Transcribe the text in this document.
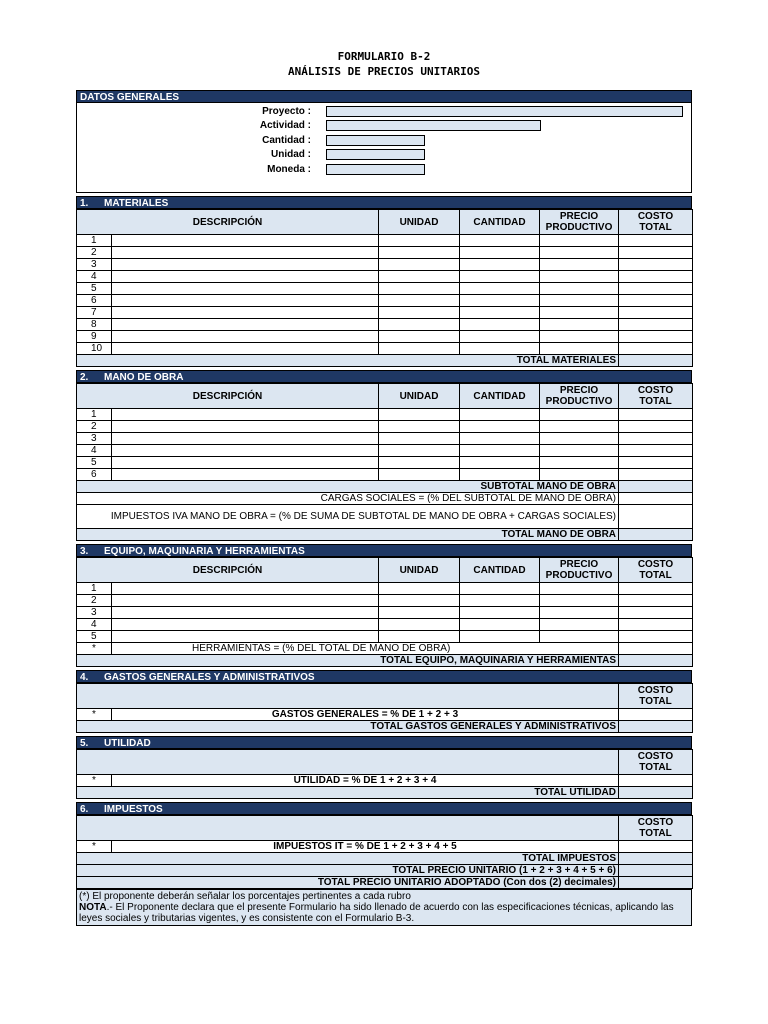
FORMULARIO B-2
ANÁLISIS DE PRECIOS UNITARIOS
DATOS GENERALES
Proyecto :
Actividad :
Cantidad :
Unidad :
Moneda :
1. MATERIALES
DESCRIPCIÓN		UNIDAD	CANTIDAD	PRECIO PRODUCTIVO	COSTO TOTAL
1					
2					
3					
4					
5					
6					
7					
8					
9					
10					
TOTAL MATERIALES					
2. MANO DE OBRA
DESCRIPCIÓN		UNIDAD	CANTIDAD	PRECIO PRODUCTIVO	COSTO TOTAL
1					
2					
3					
4					
5					
6					
SUBTOTAL MANO DE OBRA					
CARGAS SOCIALES = (% DEL SUBTOTAL DE MANO DE OBRA)					
IMPUESTOS IVA MANO DE OBRA = (% DE SUMA DE SUBTOTAL DE MANO DE OBRA + CARGAS SOCIALES)					
TOTAL MANO DE OBRA					
3. EQUIPO, MAQUINARIA Y HERRAMIENTAS
DESCRIPCIÓN		UNIDAD	CANTIDAD	PRECIO PRODUCTIVO	COSTO TOTAL
1					
2					
3					
4					
5					
*	HERRAMIENTAS = (% DEL TOTAL DE MANO DE OBRA)				
TOTAL EQUIPO, MAQUINARIA Y HERRAMIENTAS					
4. GASTOS GENERALES Y ADMINISTRATIVOS
		COSTO TOTAL
*	GASTOS GENERALES = % DE 1 + 2 + 3	
TOTAL GASTOS GENERALES Y ADMINISTRATIVOS		
5. UTILIDAD
		COSTO TOTAL
*	UTILIDAD = % DE 1 + 2 + 3 + 4	
TOTAL UTILIDAD		
6. IMPUESTOS
		COSTO TOTAL
*	IMPUESTOS IT = % DE 1 + 2 + 3 + 4 + 5	
TOTAL IMPUESTOS		
TOTAL PRECIO UNITARIO (1 + 2 + 3 + 4 + 5 + 6)		
TOTAL PRECIO UNITARIO ADOPTADO (Con dos (2) decimales)		
(*) El proponente deberán señalar los porcentajes pertinentes a cada rubro
NOTA.- El Proponente declara que el presente Formulario ha sido llenado de acuerdo con las especificaciones técnicas, aplicando las leyes sociales y tributarias vigentes, y es consistente con el Formulario B-3.
